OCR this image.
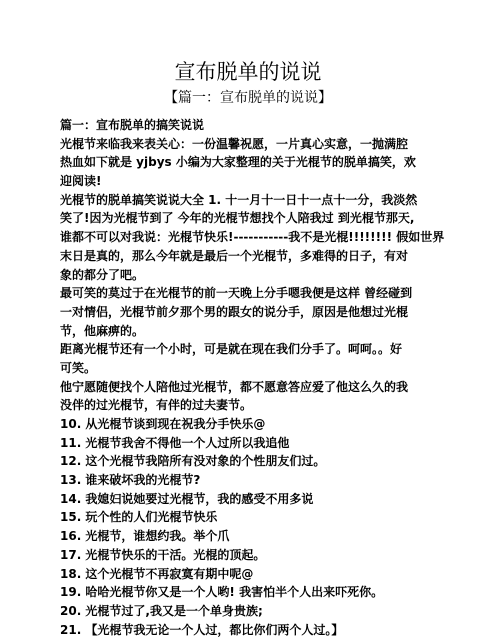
宣布脱单的说说

【篇一：宣布脱单的说说】

篇一：宣布脱单的搞笑说说
光棍节来临我来表关心：一份温馨祝愿，一片真心实意，一抛满腔
热血如下就是 yjbys 小编为大家整理的关于光棍节的脱单搞笑，欢
迎阅读!
光棍节的脱单搞笑说说大全 1. 十一月十一日十一点十一分，我淡然
笑了!因为光棍节到了 今年的光棍节想找个人陪我过 到光棍节那天,
谁都不可以对我说：光棍节快乐!-----------我不是光棍!!!!!!!! 假如世界
末日是真的，那么今年就是最后一个光棍节，多难得的日子，有对
象的都分了吧。
最可笑的莫过于在光棍节的前一天晚上分手嗯我便是这样 曾经碰到
一对情侣，光棍节前夕那个男的跟女的说分手，原因是他想过光棍
节，他麻痹的。
距离光棍节还有一个小时，可是就在现在我们分手了。呵呵。。好
可笑。
他宁愿随便找个人陪他过光棍节，都不愿意答应爱了他这么久的我
没伴的过光棍节，有伴的过夫妻节。
10. 从光棍节谈到现在祝我分手快乐@
11. 光棍节我舍不得他一个人过所以我追他
12. 这个光棍节我陪所有没对象的个性朋友们过。
13. 谁来破坏我的光棍节?
14. 我媳妇说她要过光棍节，我的感受不用多说
15. 玩个性的人们光棍节快乐
16. 光棍节，谁想约我。举个爪
17. 光棍节快乐的干活。光棍的顶起。
18. 这个光棍节不再寂寞有期中呢@
19. 哈哈光棍节你又是一个人哟! 我害怕半个人出来吓死你。
20. 光棍节过了,我又是一个单身贵族;
21. 【光棍节我无论一个人过，都比你们两个人过。】
